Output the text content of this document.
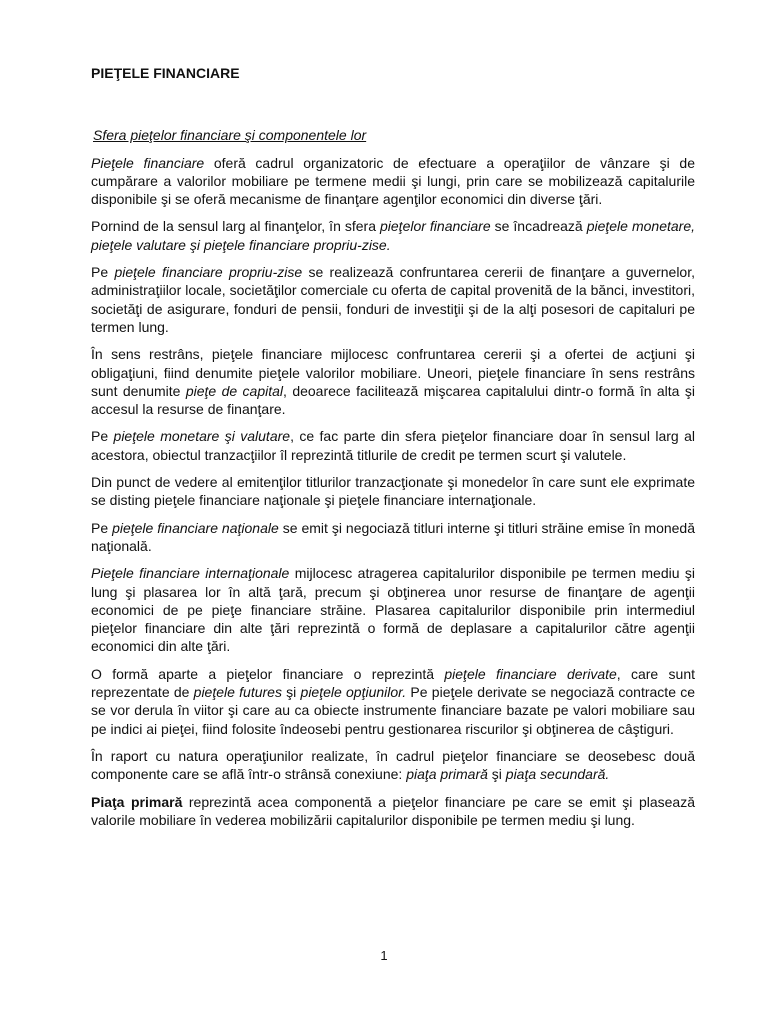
PIEŢELE FINANCIARE
Sfera pieţelor financiare şi componentele lor

Pieţele financiare oferă cadrul organizatoric de efectuare a operaţiilor de vânzare şi de cumpărare a valorilor mobiliare pe termene medii şi lungi, prin care se mobilizează capitalurile disponibile şi se oferă mecanisme de finanţare agenţilor economici din diverse ţări.

Pornind de la sensul larg al finanţelor, în sfera pieţelor financiare se încadrează pieţele monetare, pieţele valutare şi pieţele financiare propriu-zise.

Pe pieţele financiare propriu-zise se realizează confruntarea cererii de finanţare a guvernelor, administraţiilor locale, societăţilor comerciale cu oferta de capital provenită de la bănci, investitori, societăţi de asigurare, fonduri de pensii, fonduri de investiţii şi de la alţi posesori de capitaluri pe termen lung.

În sens restrâns, pieţele financiare mijlocesc confruntarea cererii şi a ofertei de acţiuni şi obligaţiuni, fiind denumite pieţele valorilor mobiliare. Uneori, pieţele financiare în sens restrâns sunt denumite pieţe de capital, deoarece facilitează mişcarea capitalului dintr-o formă în alta şi accesul la resurse de finanţare.

Pe pieţele monetare şi valutare, ce fac parte din sfera pieţelor financiare doar în sensul larg al acestora, obiectul tranzacţiilor îl reprezintă titlurile de credit pe termen scurt şi valutele.

Din punct de vedere al emitenţilor titlurilor tranzacţionate şi monedelor în care sunt ele exprimate se disting pieţele financiare naţionale şi pieţele financiare internaţionale.

Pe pieţele financiare naţionale se emit şi negociază titluri interne şi titluri străine emise în monedă naţională.

Pieţele financiare internaţionale mijlocesc atragerea capitalurilor disponibile pe termen mediu şi lung şi plasarea lor în altă ţară, precum şi obţinerea unor resurse de finanţare de agenţii economici de pe pieţe financiare străine. Plasarea capitalurilor disponibile prin intermediul pieţelor financiare din alte ţări reprezintă o formă de deplasare a capitalurilor către agenţii economici din alte ţări.

O formă aparte a pieţelor financiare o reprezintă pieţele financiare derivate, care sunt reprezentate de pieţele futures şi pieţele opţiunilor. Pe pieţele derivate se negociază contracte ce se vor derula în viitor şi care au ca obiecte instrumente financiare bazate pe valori mobiliare sau pe indici ai pieţei, fiind folosite îndeosebi pentru gestionarea riscurilor şi obţinerea de câştiguri.

În raport cu natura operaţiunilor realizate, în cadrul pieţelor financiare se deosebesc două componente care se află într-o strânsă conexiune: piaţa primară şi piaţa secundară.

Piaţa primară reprezintă acea componentă a pieţelor financiare pe care se emit şi plasează valorile mobiliare în vederea mobilizării capitalurilor disponibile pe termen mediu şi lung.

1
